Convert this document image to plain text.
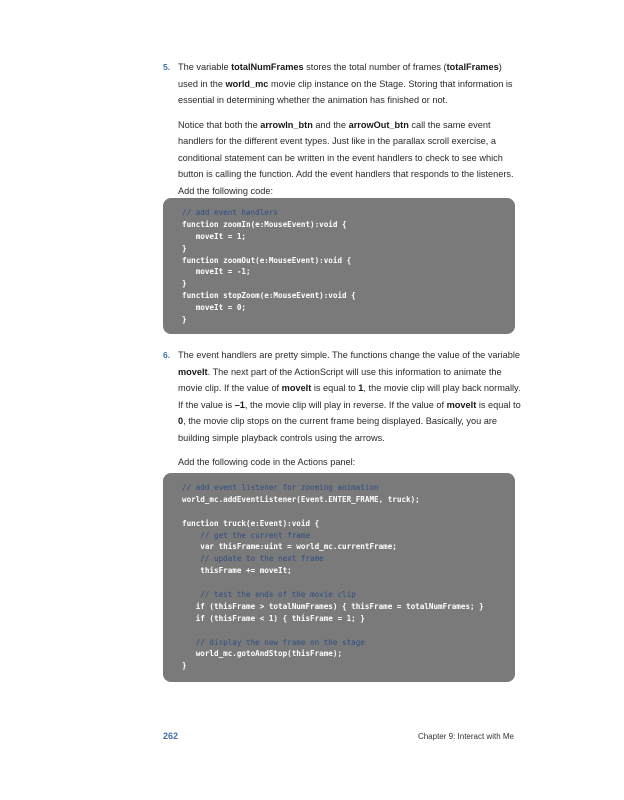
5. The variable totalNumFrames stores the total number of frames (totalFrames) used in the world_mc movie clip instance on the Stage. Storing that information is essential in determining whether the animation has finished or not.

Notice that both the arrowIn_btn and the arrowOut_btn call the same event handlers for the different event types. Just like in the parallax scroll exercise, a conditional statement can be written in the event handlers to check to see which button is calling the function. Add the event handlers that responds to the listeners. Add the following code:

// add event handlers
function zoomIn(e:MouseEvent):void {
moveIt = 1;
}
function zoomOut(e:MouseEvent):void {
moveIt = -1;
}
function stopZoom(e:MouseEvent):void {
moveIt = 0;
}
6. The event handlers are pretty simple. The functions change the value of the variable moveIt. The next part of the ActionScript will use this information to animate the movie clip. If the value of moveIt is equal to 1, the movie clip will play back normally. If the value is –1, the movie clip will play in reverse. If the value of moveIt is equal to 0, the movie clip stops on the current frame being displayed. Basically, you are building simple playback controls using the arrows.

Add the following code in the Actions panel:

// add event listener for zooming animation
world_mc.addEventListener(Event.ENTER_FRAME, truck);
function truck(e:Event):void {
// get the current frame
var thisFrame:uint = world_mc.currentFrame;
// update to the next frame
thisFrame += moveIt;
// test the ends of the movie clip
if (thisFrame > totalNumFrames) { thisFrame = totalNumFrames; }
if (thisFrame < 1) { thisFrame = 1; }
// display the new frame on the stage
world_mc.gotoAndStop(thisFrame);
}
262	Chapter 9: Interact with Me
